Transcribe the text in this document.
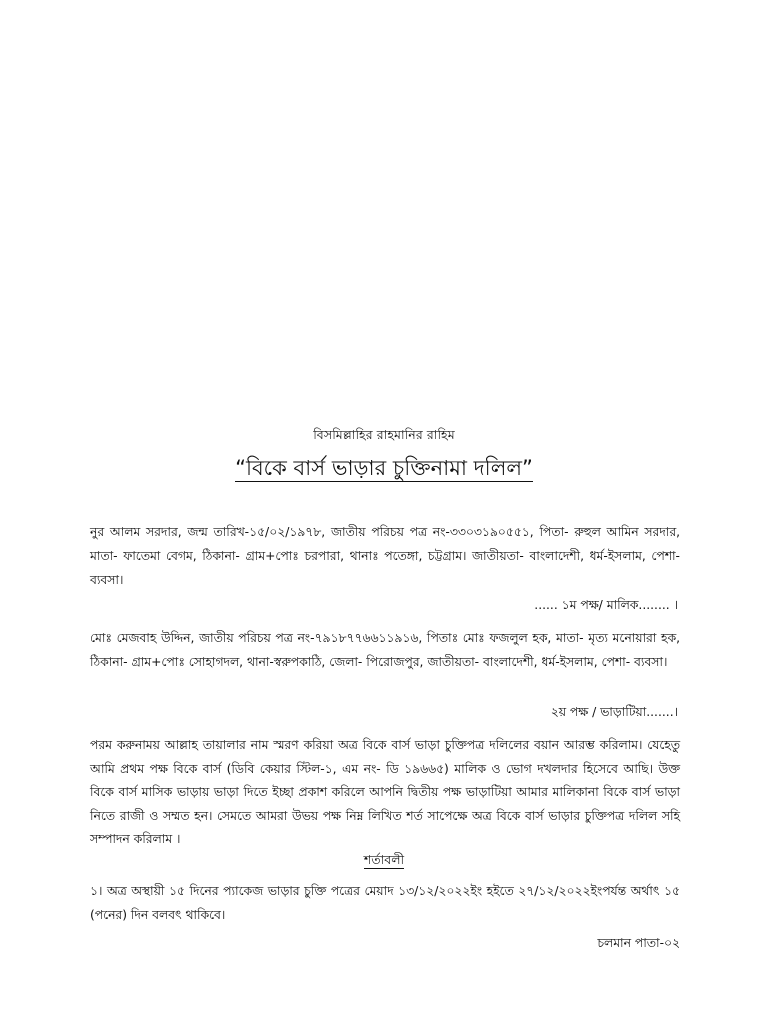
বিসমিল্লাহির রাহমানির রাহিম
“বিকে বার্স ভাড়ার চুক্তিনামা দলিল”
নুর আলম সরদার, জন্ম তারিখ-১৫/০২/১৯৭৮, জাতীয় পরিচয় পত্র নং-৩৩০৩১৯০৫৫১, পিতা- রুহুল আমিন সরদার, মাতা- ফাতেমা বেগম, ঠিকানা- গ্রাম+পোঃ চরপারা, থানাঃ পতেঙ্গা, চট্টগ্রাম। জাতীয়তা- বাংলাদেশী, ধর্ম-ইসলাম, পেশা- ব্যবসা।
...... ১ম পক্ষ/ মালিক........ ।
মোঃ মেজবাহ উদ্দিন, জাতীয় পরিচয় পত্র নং-৭৯১৮৭৭৬৬১১৯১৬, পিতাঃ মোঃ ফজলুল হক, মাতা- মৃত্য মনোয়ারা হক, ঠিকানা- গ্রাম+পোঃ সোহাগদল, থানা-স্বরুপকাঠি, জেলা- পিরোজপুর, জাতীয়তা- বাংলাদেশী, ধর্ম-ইসলাম, পেশা- ব্যবসা।
২য় পক্ষ / ভাড়াটিয়া.......।
পরম করুনাময় আল্লাহ তায়ালার নাম স্মরণ করিয়া অত্র বিকে বার্স ভাড়া চুক্তিপত্র দলিলের বয়ান আরম্ভ করিলাম। যেহেতু আমি প্রথম পক্ষ বিকে বার্স (ডিবি কেয়ার স্টিল-১, এম নং- ডি ১৯৬৬৫) মালিক ও ভোগ দখলদার হিসেবে আছি। উক্ত বিকে বার্স মাসিক ভাড়ায় ভাড়া দিতে ইচ্ছা প্রকাশ করিলে আপনি দ্বিতীয় পক্ষ ভাড়াটিয়া আমার মালিকানা বিকে বার্স ভাড়া নিতে রাজী ও সম্মত হন। সেমতে আমরা উভয় পক্ষ নিম্ন লিখিত শর্ত সাপেক্ষে অত্র বিকে বার্স ভাড়ার চুক্তিপত্র দলিল সহি সম্পাদন করিলাম ।
শর্তাবলী
১। অত্র অস্থায়ী ১৫ দিনের প্যাকেজ ভাড়ার চুক্তি পত্রের মেয়াদ ১৩/১২/২০২২ইং হইতে ২৭/১২/২০২২ইংপর্যন্ত অর্থাৎ ১৫ (পনের) দিন বলবৎ থাকিবে।
চলমান পাতা-০২
